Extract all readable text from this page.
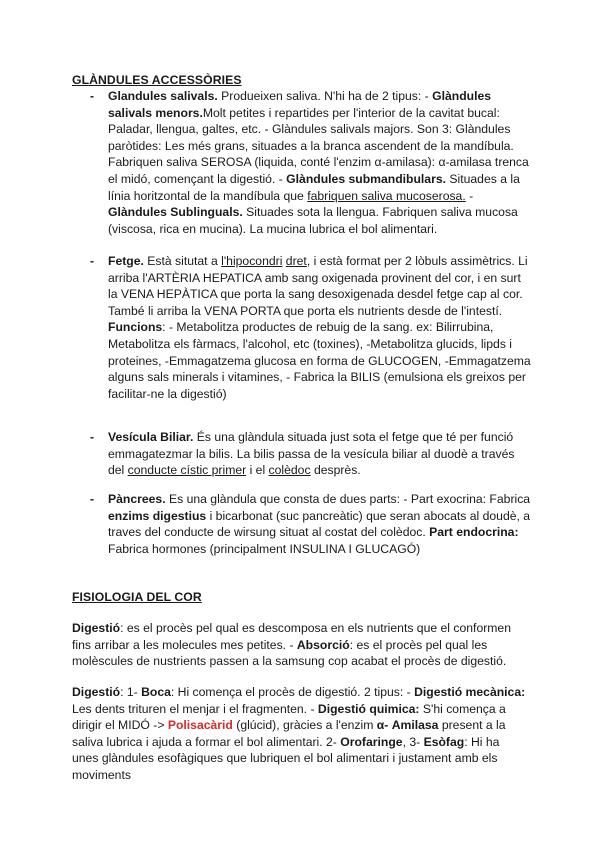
GLÀNDULES ACCESSÒRIES
- Glandules salivals. Produeixen saliva. N'hi ha de 2 tipus: - Glàndules salivals menors.Molt petites i repartides per l'interior de la cavitat bucal: Paladar, llengua, galtes, etc. - Glàndules salivals majors. Son 3: Glàndules paròtides: Les més grans, situades a la branca ascendent de la mandíbula. Fabriquen saliva SEROSA (liquida, conté l'enzim α-amilasa): α-amilasa trenca el midó, començant la digestió. - Glàndules submandibulars. Situades a la línia horitzontal de la mandíbula que fabriquen saliva mucoserosa. - Glàndules Sublinguals. Situades sota la llengua. Fabriquen saliva mucosa (viscosa, rica en mucina). La mucina lubrica el bol alimentari.
- Fetge. Està situtat a l'hipocondri dret, i està format per 2 lòbuls assimètrics. Li arriba l'ARTÈRIA HEPATICA amb sang oxigenada provinent del cor, i en surt la VENA HEPÀTICA que porta la sang desoxigenada desdel fetge cap al cor. També li arriba la VENA PORTA que porta els nutrients desde de l'intestí. Funcions: - Metabolitza productes de rebuig de la sang. ex: Bilirrubina, Metabolitza els fàrmacs, l'alcohol, etc (toxines), -Metabolitza glucids, lipds i proteines, -Emmagatzema glucosa en forma de GLUCOGEN, -Emmagatzema alguns sals minerals i vitamines, - Fabrica la BILIS (emulsiona els greixos per facilitar-ne la digestió)
- Vesícula Biliar. És una glàndula situada just sota el fetge que té per funció emmagatezmar la bilis. La bilis passa de la vesícula biliar al duodè a través del conducte cístic primer i el colèdoc desprès.
- Pàncrees. Es una glàndula que consta de dues parts: - Part exocrina: Fabrica enzims digestius i bicarbonat (suc pancreàtic) que seran abocats al doudè, a traves del conducte de wirsung situat al costat del colèdoc. Part endocrina: Fabrica hormones (principalment INSULINA I GLUCAGÓ)
FISIOLOGIA DEL COR
Digestió: es el procès pel qual es descomposa en els nutrients que el conformen fins arribar a les molecules mes petites. - Absorció: es el procès pel qual les molèscules de nustrients passen a la samsung cop acabat el procès de digestió.
Digestió: 1- Boca: Hi comença el procès de digestió. 2 tipus: - Digestió mecànica: Les dents trituren el menjar i el fragmenten. - Digestió quimica: S'hi comença a dirigir el MIDÓ -> Polisacàrid (glúcid), gràcies a l'enzim α- Amilasa present a la saliva lubrica i ajuda a formar el bol alimentari. 2- Orofaringe, 3- Esòfag: Hi ha unes glàndules esofàgiques que lubriquen el bol alimentari i justament amb els moviments
